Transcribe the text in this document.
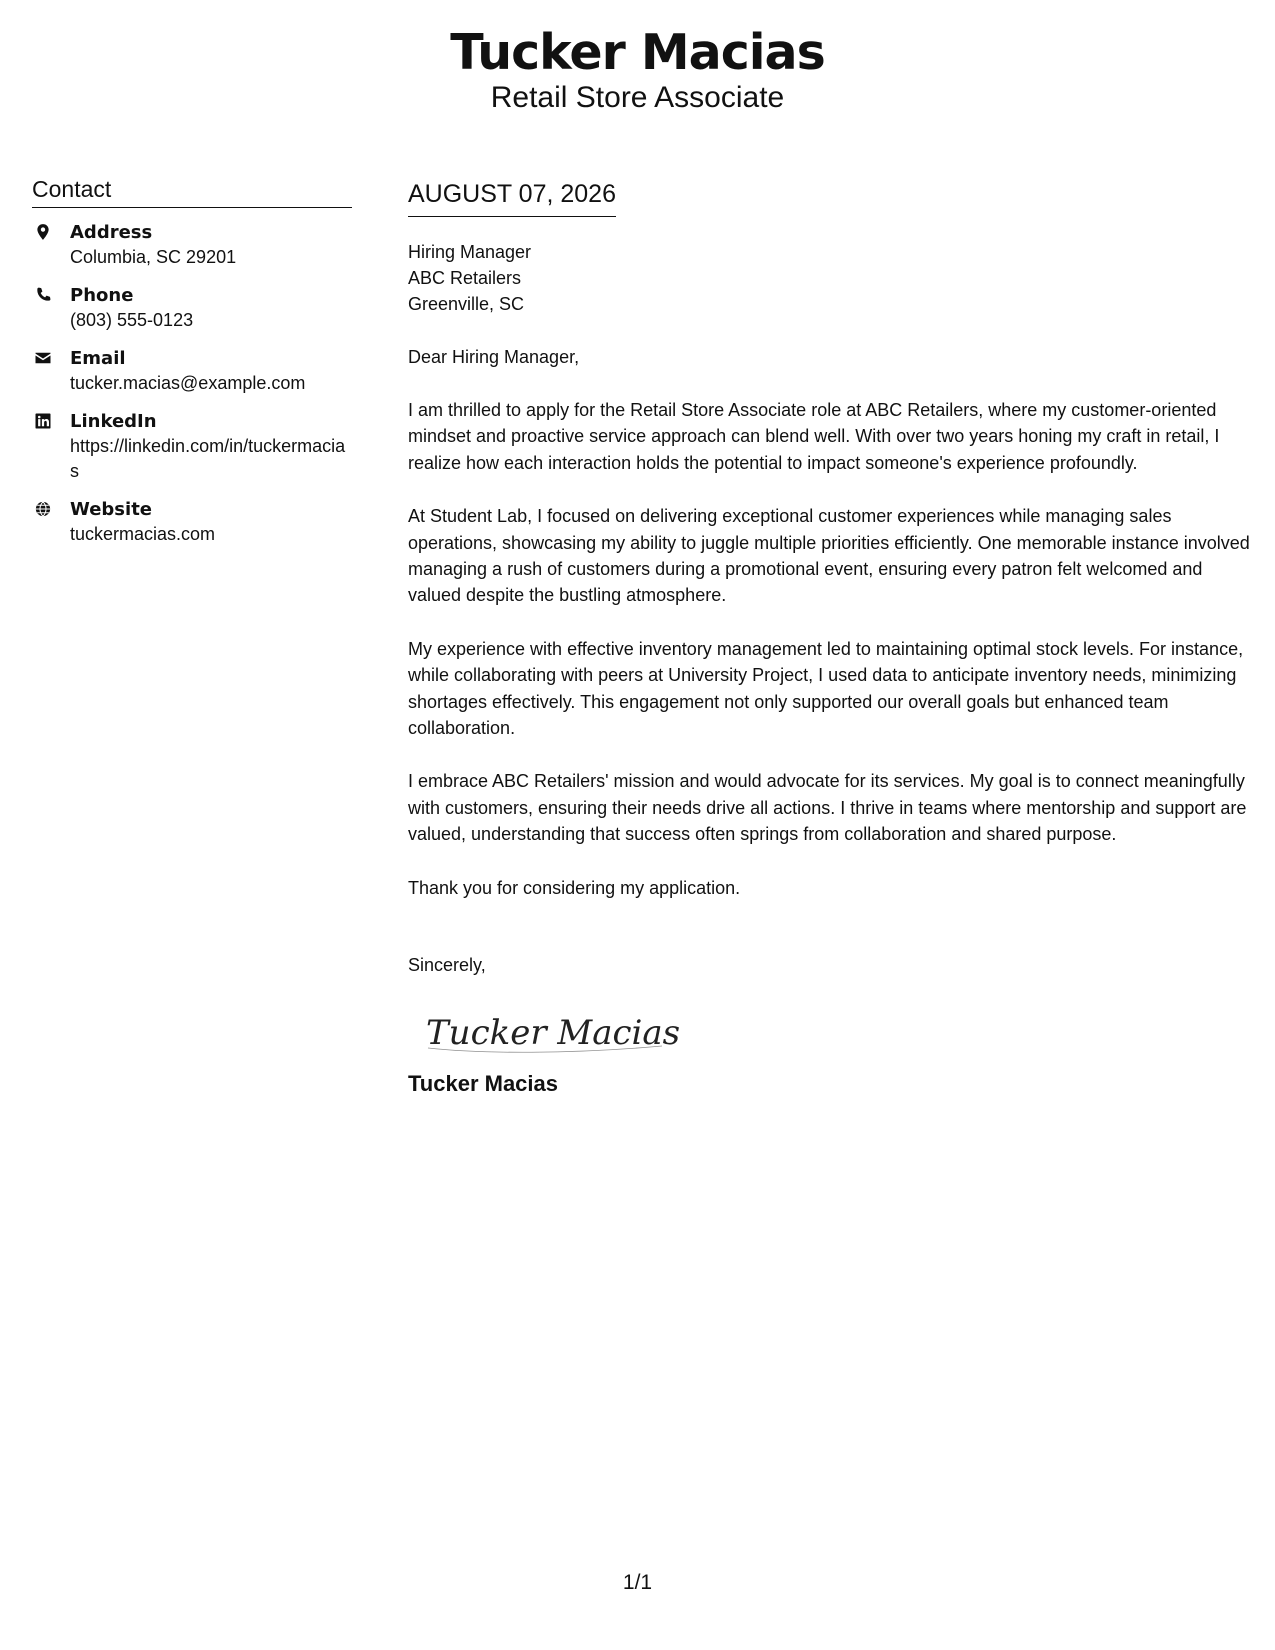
Tucker Macias
Retail Store Associate
Contact
Address
Columbia, SC 29201
Phone
(803) 555-0123
Email
tucker.macias@example.com
LinkedIn
https://linkedin.com/in/tuckermacias
Website
tuckermacias.com
AUGUST 07, 2026
Hiring Manager
ABC Retailers
Greenville, SC
Dear Hiring Manager,
I am thrilled to apply for the Retail Store Associate role at ABC Retailers, where my customer-oriented mindset and proactive service approach can blend well. With over two years honing my craft in retail, I realize how each interaction holds the potential to impact someone's experience profoundly.
At Student Lab, I focused on delivering exceptional customer experiences while managing sales operations, showcasing my ability to juggle multiple priorities efficiently. One memorable instance involved managing a rush of customers during a promotional event, ensuring every patron felt welcomed and valued despite the bustling atmosphere.
My experience with effective inventory management led to maintaining optimal stock levels. For instance, while collaborating with peers at University Project, I used data to anticipate inventory needs, minimizing shortages effectively. This engagement not only supported our overall goals but enhanced team collaboration.
I embrace ABC Retailers' mission and would advocate for its services. My goal is to connect meaningfully with customers, ensuring their needs drive all actions. I thrive in teams where mentorship and support are valued, understanding that success often springs from collaboration and shared purpose.
Thank you for considering my application.
Sincerely,
Tucker Macias
Tucker Macias
1/1
